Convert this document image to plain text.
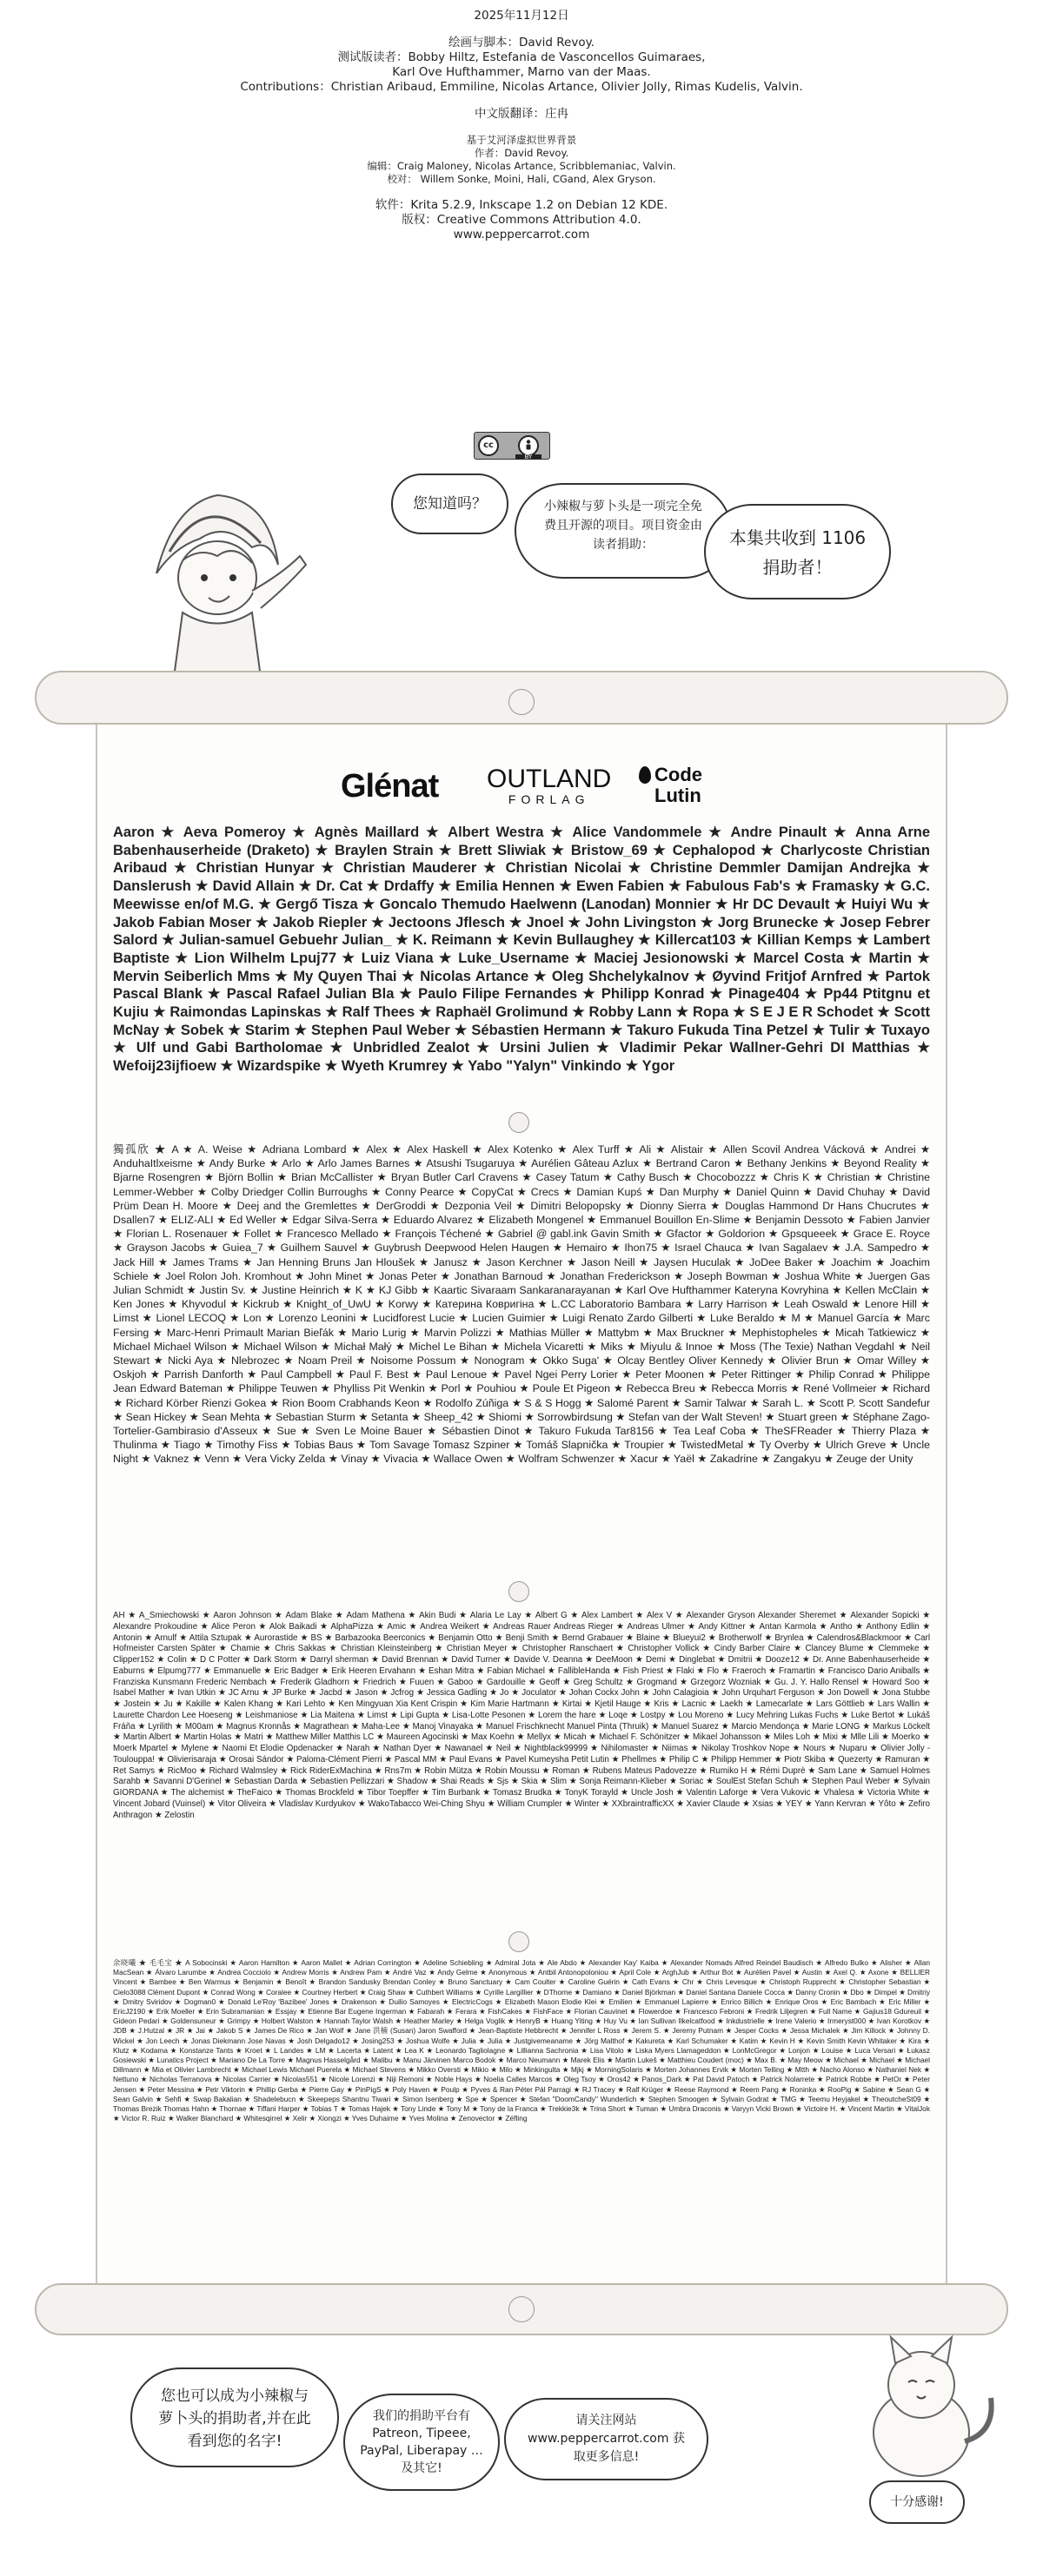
2025年11月12日
绘画与脚本：David Revoy.
测试版读者：Bobby Hiltz, Estefania de Vasconcellos Guimaraes,
Karl Ove Hufthammer, Marno van der Maas.
Contributions：Christian Aribaud, Emmiline, Nicolas Artance, Olivier Jolly, Rimas Kudelis, Valvin.
中文版翻译：庄冉
基于艾河泽虚拟世界背景
作者：David Revoy.
编辑：Craig Maloney, Nicolas Artance, Scribblemaniac, Valvin.
校对： Willem Sonke, Moini, Hali, CGand, Alex Gryson.
软件：Krita 5.2.9, Inkscape 1.2 on Debian 12 KDE.
版权：Creative Commons Attribution 4.0.
www.peppercarrot.com
cc
BY
您知道吗？	小辣椒与萝卜头是一项完全免费且开源的项目。项目资金由读者捐助：	本集共收到 1106 捐助者！
Glénat OUTLAND
FORLAG
Code Lutin
Aaron ★ Aeva Pomeroy ★ Agnès Maillard ★ Albert Westra ★ Alice Vandommele ★ Andre Pinault ★ Anna Arne Babenhauserheide (Draketo) ★ Braylen Strain ★ Brett Sliwiak ★ Bristow_69 ★ Cephalopod ★ Charlycoste Christian Aribaud ★ Christian Hunyar ★ Christian Mauderer ★ Christian Nicolai ★ Christine Demmler Damijan Andrejka ★ Danslerush ★ David Allain ★ Dr. Cat ★ Drdaffy ★ Emilia Hennen ★ Ewen Fabien ★ Fabulous Fab's ★ Framasky ★ G.C. Meewisse en/of M.G. ★ Gergő Tisza ★ Goncalo Themudo Haelwenn (Lanodan) Monnier ★ Hr DC Devault ★ Huiyi Wu ★ Jakob Fabian Moser ★ Jakob Riepler ★ Jectoons Jflesch ★ Jnoel ★ John Livingston ★ Jorg Brunecke ★ Josep Febrer Salord ★ Julian-samuel Gebuehr Julian_ ★ K. Reimann ★ Kevin Bullaughey ★ Killercat103 ★ Killian Kemps ★ Lambert Baptiste ★ Lion Wilhelm Lpuj77 ★ Luiz Viana ★ Luke_Username ★ Maciej Jesionowski ★ Marcel Costa ★ Martin ★ Mervin Seiberlich Mms ★ My Quyen Thai ★ Nicolas Artance ★ Oleg Shchelykalnov ★ Øyvind Fritjof Arnfred ★ Partok Pascal Blank ★ Pascal Rafael Julian Bla ★ Paulo Filipe Fernandes ★ Philipp Konrad ★ Pinage404 ★ Pp44 Ptitgnu et Kujiu ★ Raimondas Lapinskas ★ Ralf Thees ★ Raphaël Grolimund ★ Robby Lann ★ Ropa ★ S E J E R Schodet ★ Scott McNay ★ Sobek ★ Starim ★ Stephen Paul Weber ★ Sébastien Hermann ★ Takuro Fukuda Tina Petzel ★ Tulir ★ Tuxayo ★ Ulf und Gabi Bartholomae ★ Unbridled Zealot ★ Ursini Julien ★ Vladimir Pekar Wallner-Gehri DI Matthias ★ Wefoij23ijfioew ★ Wizardspike ★ Wyeth Krumrey ★ Yabo "Yalyn" Vinkindo ★ Ygor
獨孤欣 ★ A ★ A. Weise ★ Adriana Lombard ★ Alex ★ Alex Haskell ★ Alex Kotenko ★ Alex Turff ★ Ali ★ Alistair ★ Allen Scovil Andrea Vácková ★ Andrei ★ AnduhaItlxeisme ★ Andy Burke ★ Arlo ★ Arlo James Barnes ★ Atsushi Tsugaruya ★ Aurélien Gâteau Azlux ★ Bertrand Caron ★ Bethany Jenkins ★ Beyond Reality ★ Bjarne Rosengren ★ Björn Bollin ★ Brian McCallister ★ Bryan Butler Carl Cravens ★ Casey Tatum ★ Cathy Busch ★ Chocobozzz ★ Chris K ★ Christian ★ Christine Lemmer-Webber ★ Colby Driedger Collin Burroughs ★ Conny Pearce ★ CopyCat ★ Crecs ★ Damian Kupś ★ Dan Murphy ★ Daniel Quinn ★ David Chuhay ★ David Prüm Dean H. Moore ★ Deej and the Gremlettes ★ DerGroddi ★ Dezponia Veil ★ Dimitri Belopopsky ★ Dionny Sierra ★ Douglas Hammond Dr Hans Chucrutes ★ Dsallen7 ★ ELIZ-ALI ★ Ed Weller ★ Edgar Silva-Serra ★ Eduardo Alvarez ★ Elizabeth Mongenel ★ Emmanuel Bouillon En-Slime ★ Benjamin Dessoto ★ Fabien Janvier ★ Florian L. Rosenauer ★ Follet ★ Francesco Mellado ★ François Téchené ★ Gabriel @ gabl.ink Gavin Smith ★ Gfactor ★ Goldorion ★ Gpsqueeek ★ Grace E. Royce ★ Grayson Jacobs ★ Guiea_7 ★ Guilhem Sauvel ★ Guybrush Deepwood Helen Haugen ★ Hemairo ★ Ihon75 ★ Israel Chauca ★ Ivan Sagalaev ★ J.A. Sampedro ★ Jack Hill ★ James Trams ★ Jan Henning Bruns Jan Hloušek ★ Janusz ★ Jason Kerchner ★ Jason Neill ★ Jaysen Huculak ★ JoDee Baker ★ Joachim ★ Joachim Schiele ★ Joel Rolon Joh. Kromhout ★ John Minet ★ Jonas Peter ★ Jonathan Barnoud ★ Jonathan Frederickson ★ Joseph Bowman ★ Joshua White ★ Juergen Gas Julian Schmidt ★ Justin Sv. ★ Justine Heinrich ★ K ★ KJ Gibb ★ Kaartic Sivaraam Sankaranarayanan ★ Karl Ove Hufthammer Kateryna Kovryhina ★ Kellen McClain ★ Ken Jones ★ Khyvodul ★ Kickrub ★ Knight_of_UwU ★ Korwy ★ Катерина Ковригіна ★ L.CC Laboratorio Bambara ★ Larry Harrison ★ Leah Oswald ★ Lenore Hill ★ Limst ★ Lionel LECOQ ★ Lon ★ Lorenzo Leonini ★ Lucidforest Lucie ★ Lucien Guimier ★ Luigi Renato Zardo Gilberti ★ Luke Beraldo ★ M ★ Manuel García ★ Marc Fersing ★ Marc-Henri Primault Marian Bieľák ★ Mario Lurig ★ Marvin Polizzi ★ Mathias Müller ★ Mattybm ★ Max Bruckner ★ Mephistopheles ★ Micah Tatkiewicz ★ Michael Michael Wilson ★ Michael Wilson ★ Michał Małý ★ Michel Le Bihan ★ Michela Vicaretti ★ Miks ★ Miyulu & Innoe ★ Moss (The Texie) Nathan Vegdahl ★ Neil Stewart ★ Nicki Aya ★ Nlebrozec ★ Noam Preil ★ Noisome Possum ★ Nonogram ★ Okko Suga' ★ Olcay Bentley Oliver Kennedy ★ Olivier Brun ★ Omar Willey ★ Oskjoh ★ Parrish Danforth ★ Paul Campbell ★ Paul F. Best ★ Paul Lenoue ★ Pavel Ngei Perry Lorier ★ Peter Moonen ★ Peter Rittinger ★ Philip Conrad ★ Philippe Jean Edward Bateman ★ Philippe Teuwen ★ Phylliss Pit Wenkin ★ Porl ★ Pouhiou ★ Poule Et Pigeon ★ Rebecca Breu ★ Rebecca Morris ★ René Vollmeier ★ Richard ★ Richard Körber Rienzi Gokea ★ Rion Boom Crabhands Keon ★ Rodolfo Zúñiga ★ S & S Hogg ★ Salomé Parent ★ Samir Talwar ★ Sarah L. ★ Scott P. Scott Sandefur ★ Sean Hickey ★ Sean Mehta ★ Sebastian Sturm ★ Setanta ★ Sheep_42 ★ Shiomi ★ Sorrowbirdsung ★ Stefan van der Walt Steven! ★ Stuart green ★ Stéphane Zago-Tortelier-Gambirasio d'Asseux ★ Sue ★ Sven Le Moine Bauer ★ Sébastien Dinot ★ Takuro Fukuda Tar8156 ★ Tea Leaf Coba ★ TheSFReader ★ Thierry Plaza ★ Thulinma ★ Tiago ★ Timothy Fiss ★ Tobias Baus ★ Tom Savage Tomasz Szpiner ★ Tomáš Slapnička ★ Troupier ★ TwistedMetal ★ Ty Overby ★ Ulrich Greve ★ Uncle Night ★ Vaknez ★ Venn ★ Vera Vicky Zelda ★ Vinay ★ Vivacia ★ Wallace Owen ★ Wolfram Schwenzer ★ Xacur ★ Yaël ★ Zakadrine ★ Zangakyu ★ Zeuge der Unity
AH ★ A_Smiechowski ★ Aaron Johnson ★ Adam Blake ★ Adam Mathena ★ Akin Budi ★ Alaria Le Lay ★ Albert G ★ Alex Lambert ★ Alex V ★ Alexander Gryson Alexander Sheremet ★ Alexander Sopicki ★ Alexandre Prokoudine ★ Alice Peron ★ Alok Baikadi ★ AlphaPizza ★ Amic ★ Andrea Weikert ★ Andreas Rauer Andreas Rieger ★ Andreas Ulmer ★ Andy Kittner ★ Antan Karmola ★ Antho ★ Anthony Edlin ★ Antonin ★ Arnulf ★ Attila Sztupak ★ Aurorastide ★ BS ★ Barbazooka Beerconics ★ Benjamin Otto ★ Benji Smith ★ Bernd Grabauer ★ Blaine ★ Blueyui2 ★ Brotherwolf ★ Brynlea ★ Calendros&Blackmoor ★ Carl Hofmeister Carsten Später ★ Chamie ★ Chris Sakkas ★ Christian Kleinsteinberg ★ Christian Meyer ★ Christopher Ranschaert ★ Christopher Vollick ★ Cindy Barber Claire ★ Clancey Blume ★ Clemmeke ★ Clipper152 ★ Colin ★ D C Potter ★ Dark Storm ★ Darryl sherman ★ David Brennan ★ David Turner ★ Davide V. Deanna ★ DeeMoon ★ Demi ★ Dinglebat ★ Dmitrii ★ Dooze12 ★ Dr. Anne Babenhauserheide ★ Eaburns ★ Elpumg777 ★ Emmanuelle ★ Eric Badger ★ Erik Heeren Ervahann ★ Eshan Mitra ★ Fabian Michael ★ FallibleHanda ★ Fish Priest ★ Flaki ★ Flo ★ Fraeroch ★ Framartin ★ Francisco Dario Aniballs ★ Franziska Kunsmann Frederic Nembach ★ Frederik Gladhorn ★ Friedrich ★ Fuuen ★ Gaboo ★ Gardouille ★ Geoff ★ Greg Schultz ★ Grogmand ★ Grzegorz Wozniak ★ Gu. J. Y. Hallo Rensel ★ Howard Soo ★ Isabel Mather ★ Ivan Utkin ★ JC Arnu ★ JP Burke ★ Jacbd ★ Jason ★ Jcfrog ★ Jessica Gadling ★ Jo ★ Joculator ★ Johan Cockx John ★ John Calagioia ★ John Urquhart Ferguson ★ Jon Dowell ★ Jona Stubbe ★ Jostein ★ Ju ★ Kakille ★ Kalen Khang ★ Kari Lehto ★ Ken Mingyuan Xia Kent Crispin ★ Kim Marie Hartmann ★ Kirtai ★ Kjetil Hauge ★ Kris ★ Lacnic ★ Laekh ★ Lamecarlate ★ Lars Göttlieb ★ Lars Wallin ★ Laurette Chardon Lee Hoeseng ★ Leishmaniose ★ Lia Maitena ★ Limst ★ Lipi Gupta ★ Lisa-Lotte Pesonen ★ Lorem the hare ★ Loqe ★ Lostpy ★ Lou Moreno ★ Lucy Mehring Lukas Fuchs ★ Luke Bertot ★ Lukáš Fráňa ★ Lyrilith ★ M00am ★ Magnus Kronnås ★ Magrathean ★ Maha-Lee ★ Manoj Vinayaka ★ Manuel Frischknecht Manuel Pinta (Thruik) ★ Manuel Suarez ★ Marcio Mendonça ★ Marie LONG ★ Markus Löckelt ★ Martin Albert ★ Martin Holas ★ Matri ★ Matthew Miller Matthis LC ★ Maureen Agocinski ★ Max Koehn ★ Mellyx ★ Micah ★ Michael F. Schönitzer ★ Mikael Johansson ★ Miles Loh ★ Mixi ★ Mlle Lili ★ Moerko ★ Moerk Mpartel ★ Mylene ★ Naomi Et Elodie Opdenacker ★ Narah ★ Nathan Dyer ★ Nawanael ★ Neil ★ Nightblack99999 ★ Nihilomaster ★ Niimas ★ Nikolay Troshkov Nope ★ Nours ★ Nuparu ★ Olivier Jolly - Toulouppa! ★ Olivierisaraja ★ Orosai Sándor ★ Paloma-Clément Pierri ★ Pascal MM ★ Paul Evans ★ Pavel Kumeysha Petit Lutin ★ Phellmes ★ Philip C ★ Philipp Hemmer ★ Piotr Skiba ★ Quezerty ★ Ramuran ★ Ret Samys ★ RicMoo ★ Richard Walmsley ★ Rick RiderExMachina ★ Rns7m ★ Robin Mütza ★ Robin Moussu ★ Roman ★ Rubens Mateus Padovezze ★ Rumiko H ★ Rémi Duprè ★ Sam Lane ★ Samuel Holmes Sarahb ★ Savanni D'Gerinel ★ Sebastian Darda ★ Sebastien Pellizzari ★ Shadow ★ Shai Reads ★ Sjs ★ Skia ★ Slim ★ Sonja Reimann-Klieber ★ Soriac ★ SoulEst Stefan Schuh ★ Stephen Paul Weber ★ Sylvain GIORDANA ★ The alchemist ★ TheFaico ★ Thomas Brockfeld ★ Tibor Toepffer ★ Tim Burbank ★ Tomasz Brudka ★ TonyK Torayld ★ Uncle Josh ★ Valentin Laforge ★ Vera Vukovic ★ Vhalesa ★ Victoria White ★ Vincent Jobard (Vuinsel) ★ Vitor Oliveira ★ Vladislav Kurdyukov ★ WakoTabacco Wei-Ching Shyu ★ William Crumpler ★ Winter ★ XXbraintrafficXX ★ Xavier Claude ★ Xsias ★ YEY ★ Yann Kervran ★ Yôto ★ Zefiro Anthragon ★ Zelostin
余晓曦 ★ 毛毛宝 ★ A Sobocinski ★ Aaron Hamilton ★ Aaron Mallet ★ Adrian Corrington ★ Adeline Schiebling ★ Admiral Jota ★ Ale Abdo ★ Alexander Kay' Kaiba ★ Alexander Nomads Alfred Reindel Baudisch ★ Alfredo Bulko ★ Alisher ★ Allan MacSean ★ Álvaro Larumbe ★ Andrea Cocciolo ★ Andrew Morris ★ Andrew Pam ★ André Vaz ★ Andy Gelme ★ Anonymous ★ Antbil Antonopoloniou ★ April Cole ★ ArghJub ★ Arthur Bot ★ Aurélien Pavel ★ Austin ★ Axel Q. ★ Axone ★ BELLIER Vincent ★ Bambee ★ Ben Warmus ★ Benjamin ★ Benoît ★ Brandon Sandusky Brendan Conley ★ Bruno Sanctuary ★ Cam Coulter ★ Caroline Guérin ★ Cath Evans ★ Chr ★ Chris Levesque ★ Christoph Rupprecht ★ Christopher Sebastian ★ Cielo3088 Clément Dupont ★ Conrad Wong ★ Coralee ★ Courtney Herbert ★ Craig Shaw ★ Cuthbert Williams ★ Cyrille Largillier ★ DThorne ★ Damiano ★ Daniel Björkman ★ Daniel Santana Daniele Cocca ★ Danny Cronin ★ Dbo ★ Dimpel ★ Dmitriy ★ Dmitry Sviridov ★ Dogman0 ★ Donald Le'Roy 'Bazibee' Jones ★ Drakenson ★ Duilio Samoyes ★ ElectricCogs ★ Elizabeth Mason Elodie Klei ★ Emilien ★ Emmanuel Lapierre ★ Enrico Billich ★ Enrique Oros ★ Eric Bambach ★ Eric Miller ★ EricJ2190 ★ Erik Moeller ★ Erin Subramanian ★ Essjay ★ Etienne Bar Eugene Ingerman ★ Fabarah ★ Ferara ★ FishCakes ★ FishFace ★ Florian Cauvinet ★ Flowerdoe ★ Francesco Febroni ★ Fredrik Liljegren ★ Full Name ★ Gajius18 Gdureuil ★ Gideon Pedari ★ Goldensuneur ★ Grimpy ★ Holbert Walston ★ Hannah Taylor Walsh ★ Heather Marley ★ Helga Voglik ★ HenryB ★ Huang Yiting ★ Huy Vu ★ Ian Sullivan Ilkelcatfood ★ Inkdustrielle ★ Irene Valerio ★ Irmeryst000 ★ Ivan Korotkov ★ JDB ★ J.Hutzal ★ JR ★ Jai ★ Jakob S ★ James De Rico ★ Jan Wolf ★ Jane 洪楠 (Susan) Jaron Swafford ★ Jean-Baptiste Hebbrecht ★ Jennifer L Ross ★ Jerem S. ★ Jeremy Putnam ★ Jesper Cocks ★ Jessa Michalek ★ Jim Killock ★ Johnny D. Wickel ★ Jon Leech ★ Jonas Diekmann Jose Navas ★ Josh Delgado12 ★ Josing253 ★ Joshua Wolfe ★ Julia ★ Julia ★ Justgivemeaname ★ Jörg Malthof ★ Kakureta ★ Karl Schumaker ★ Katim ★ Kevin H ★ Kevin Smith Kevin Whitaker ★ Kira ★ Klutz ★ Kodama ★ Konstanze Tants ★ Kroet ★ L Landes ★ LM ★ Lacerta ★ Latent ★ Lea K ★ Leonardo Tagliolagne ★ Lillianna Sachronia ★ Lisa Vitolo ★ Liska Myers Llamageddon ★ LonMcGregor ★ Lonjon ★ Louise ★ Luca Versari ★ Łukasz Gosiewski ★ Lunatics Project ★ Mariano De La Torre ★ Magnus Hasselgård ★ Malibu ★ Manu Järvinen Marco Bodok ★ Marco Neumann ★ Marek Elis ★ Martin Lukeš ★ Matthieu Coudert (moc) ★ Max B. ★ May Meow ★ Michael ★ Michael ★ Michael Dillmann ★ Mia et Olivier Lambrecht ★ Michael Lewis Michael Puerela ★ Michael Stevens ★ Mikko Oversti ★ Mikio ★ Milo ★ Minkingulta ★ Mjkj ★ MorningSolaris ★ Morten Johannes Ervik ★ Morten Telling ★ Mtth ★ Nacho Alonso ★ Nathaniel Nek ★ Nettuno ★ Nicholas Terranova ★ Nicolas Carrier ★ Nicolas551 ★ Nicole Lorenzi ★ Niji Remoni ★ Noble Hays ★ Noelia Calles Marcos ★ Oleg Tsoy ★ Oros42 ★ Panos_Dark ★ Pat David Patoch ★ Patrick Nolarrete ★ Patrick Robbe ★ PetOr ★ Peter Jensen ★ Peter Messina ★ Petr Viktorin ★ Phillip Gerba ★ Pierre Gay ★ PinPigS ★ Poly Haven ★ Poulp ★ Pyves & Ran Péter Pál Parragi ★ RJ Tracey ★ Ralf Krüger ★ Reese Raymond ★ Reem Pang ★ Roninka ★ RooPig ★ Sabine ★ Sean G ★ Sean Galvin ★ Sehfi ★ Swap Bakalian ★ Shadelebucn ★ Skeepeps Shantnu Tiwari ★ Simon Isenberg ★ Spe ★ Spencer ★ Stefan "DoomCandy" Wunderlich ★ Stephen Smoogen ★ Sylvain Godrat ★ TMG ★ Teemu Heyjakel ★ TheoutcheSt09 ★ Thomas Brezik Thomas Hahn ★ Thornae ★ Tiffani Harper ★ Tobias T ★ Tomas Hajek ★ Tony Linde ★ Tony M ★ Tony de la Franca ★ Trekkie3k ★ Trina Short ★ Tuman ★ Umbra Draconis ★ Varyyn Vicki Brown ★ Victoire H. ★ Vincent Martin ★ VitalJok ★ Victor R. Ruiz ★ Walker Blanchard ★ Whitesqirrel ★ Xelir ★ Xiongzi ★ Yves Duhaime ★ Yves Molina ★ Zenovector ★ Zéfling
您也可以成为小辣椒与萝卜头的捐助者,并在此看到您的名字!
我们的捐助平台有 Patreon, Tipeee, PayPal, Liberapay …及其它!
请关注网站 www.peppercarrot.com 获取更多信息!
十分感谢!
